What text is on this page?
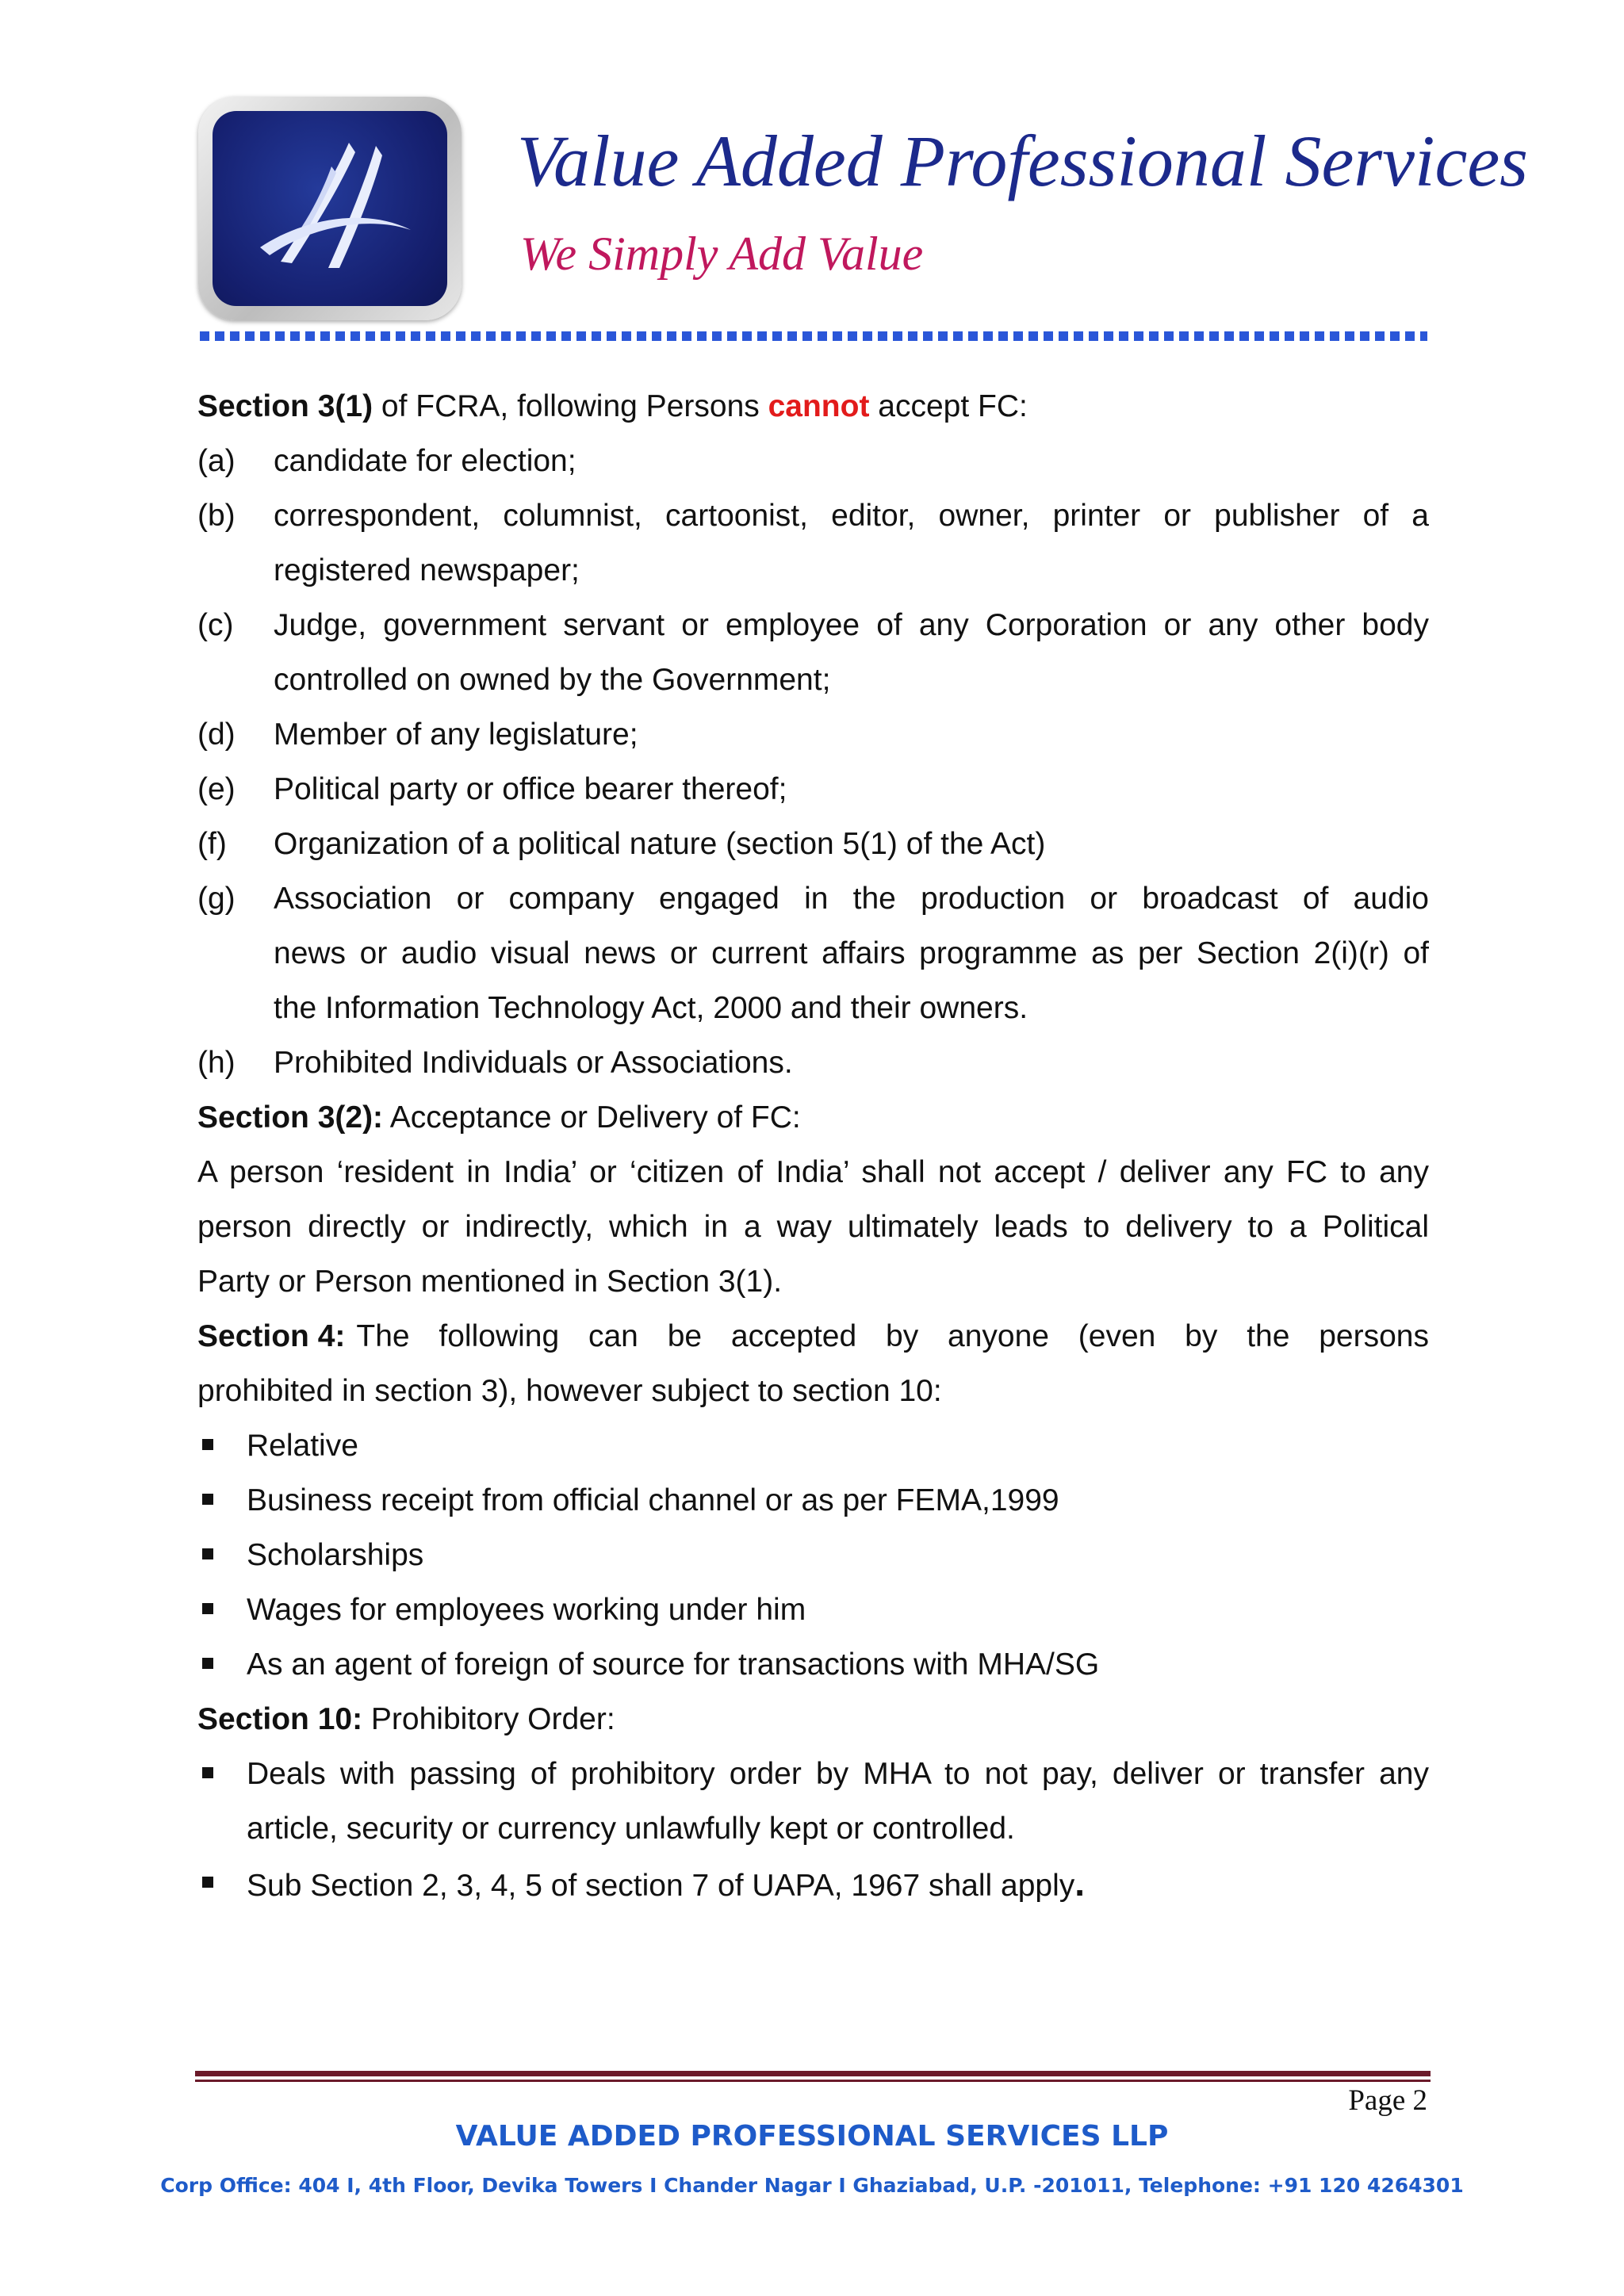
Value Added Professional Services
We Simply Add Value
Section 3(1) of FCRA, following Persons cannot accept FC:
(a) candidate for election;
(b) correspondent, columnist, cartoonist, editor, owner, printer or publisher of a
registered newspaper;
(c) Judge, government servant or employee of any Corporation or any other body
controlled on owned by the Government;
(d) Member of any legislature;
(e) Political party or office bearer thereof;
(f) Organization of a political nature (section 5(1) of the Act)
(g) Association or company engaged in the production or broadcast of audio
news or audio visual news or current affairs programme as per Section 2(i)(r) of
the Information Technology Act, 2000 and their owners.
(h) Prohibited Individuals or Associations.
Section 3(2): Acceptance or Delivery of FC:
A person ‘resident in India’ or ‘citizen of India’ shall not accept / deliver any FC to any
person directly or indirectly, which in a way ultimately leads to delivery to a Political
Party or Person mentioned in Section 3(1).
Section 4: The following can be accepted by anyone (even by the persons
prohibited in section 3), however subject to section 10:
Relative
Business receipt from official channel or as per FEMA,1999
Scholarships
Wages for employees working under him
As an agent of foreign of source for transactions with MHA/SG
Section 10: Prohibitory Order:
Deals with passing of prohibitory order by MHA to not pay, deliver or transfer any
article, security or currency unlawfully kept or controlled.
Sub Section 2, 3, 4, 5 of section 7 of UAPA, 1967 shall apply.
Page 2
VALUE ADDED PROFESSIONAL SERVICES LLP
Corp Office: 404 I, 4th Floor, Devika Towers I Chander Nagar I Ghaziabad, U.P. -201011, Telephone: +91 120 4264301
